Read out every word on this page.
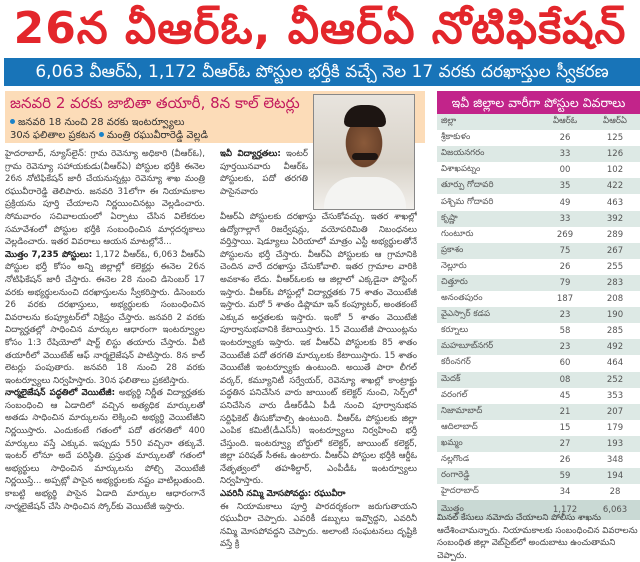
26న వీఆర్‌ఓ, వీఆర్‌ఏ నోటిఫికేషన్
6,063 వీఆర్‌ఏ, 1,172 వీఆర్‌ఓ పోస్టుల భర్తీకి వచ్చే నెల 17 వరకు దరఖాస్తుల స్వీకరణ
జనవరి 2 వరకు జాబితా తయారీ, 8న కాల్ లెటర్లు
జనవరి 18 నుంచి 28 వరకు ఇంటర్వ్యూలు
30న ఫలితాల ప్రకటన మంత్రి రఘువీరారెడ్డి వెల్లడి

హైదరాబాద్, న్యూస్‌లైన్: గ్రామ రెవెన్యూ అధికారి (వీఆర్‌ఓ), గ్రామ రెవెన్యూ సహాయకుడు(వీఆర్‌ఏ) పోస్టుల భర్తీకి ఈనెల 26న నోటిఫికేషన్ జారీ చేయనున్నట్లు రెవెన్యూ శాఖ మంత్రి రఘువీరారెడ్డి తెలిపారు. జనవరి 31లోగా ఈ నియామకాల ప్రక్రియను పూర్తి చేయాలని నిర్ణయించినట్లు వెల్లడించారు. సోమవారం సచివాలయంలో ఏర్పాటు చేసిన విలేకరుల సమావేశంలో పోస్టుల భర్తీకి సంబంధించిన మార్గదర్శకాలు వెల్లడించారు. ఇతర వివరాలు ఆయన మాటల్లోనే...

మొత్తం 7,235 పోస్టులు: 1,172 వీఆర్‌ఓ, 6,063 వీఆర్‌ఏ పోస్టుల భర్తీ కోసం అన్ని జిల్లాల్లో కలెక్టర్లు ఈనెల 26న నోటిఫికేషన్ జారీ చేస్తారు. ఈనెల 28 నుంచి డిసెంబర్ 17 వరకు అభ్యర్థులనుంచి దరఖాస్తులను స్వీకరిస్తారు. డిసెంబరు 26 వరకు దరఖాస్తులు, అభ్యర్థులకు సంబంధించిన వివరాలను కంప్యూటర్‌లో నిక్షిప్తం చేస్తారు. జనవరి 2 వరకు విద్యార్హతల్లో సాధించిన మార్కుల ఆధారంగా ఇంటర్వ్యూల కోసం 1:3 రేషియోలో షార్ట్ లిస్టు తయారు చేస్తారు. వీటి తయారీలో వెయిటేజ్ ఆఫ్ నార్మలైజేషన్ పాటిస్తారు. 8న కాల్ లెటర్లు పంపుతారు. జనవరి 18 నుంచి 28 వరకు ఇంటర్వ్యూలు నిర్వహిస్తారు. 30న ఫలితాలు ప్రకటిస్తారు.

నార్మలైజేషన్ పద్ధతిలో వెయిటేజీ: అభ్యర్థి నిర్ణీత విద్యార్హతకు సంబంధించి ఆ ఏడాదిలో వచ్చిన అత్యధిక మార్కులతో అతడు సాధించిన మార్కులను లెక్కించి అభ్యర్థి వెయిటేజీని నిర్ణయిస్తారు. ఎందుకంటే గతంలో పదో తరగతిలో 400 మార్కులు వస్తే ఎక్కువ. ఇప్పుడు 550 వచ్చినా తక్కువే. ఇంటర్ లోనూ అదే పరిస్థితి. ప్రస్తుత మార్కులతో గతంలో అభ్యర్థులు సాధించిన మార్కులను పోల్చి వెయిటేజీ నిర్ణయిస్తే... అప్పట్లో పాసైన అభ్యర్థులకు నష్టం వాటిల్లుతుంది. కాబట్టి అభ్యర్థి పాసైన ఏడాది మార్కుల ఆధారంగానే నార్మలైజేషన్ చేసి సాధించిన స్కోర్‌కు వెయిటేజీ ఇస్తారు.

ఇవీ విద్యార్హతలు: ఇంటర్ పూర్తయినవారు వీఆర్‌ఓ పోస్టులకు, పదో తరగతి పాసైనవారు

వీఆర్‌ఏ పోస్టులకు దరఖాస్తు చేసుకోవచ్చు. ఇతర శాఖల్లో ఉద్యోగాల్లాగే రిజర్వేషన్లు, వయోపరిమితి నిబంధనలు వర్తిస్తాయి. షెడ్యూలు ఏరియాలో మాత్రం ఎస్టీ అభ్యర్థులతోనే పోస్టులను భర్తీ చేస్తారు. వీఆర్‌ఏ పోస్టులకు ఆ గ్రామానికి చెందిన వారే దరఖాస్తు చేసుకోవాలి. ఇతర గ్రామాల వారికి అవకాశం లేదు. వీఆర్‌ఓలకు ఆ జిల్లాలో ఎక్కడైనా పోస్టింగ్ ఇస్తారు. వీఆర్‌ఓ పోస్టుల్లో విద్యార్హతకు 75 శాతం వెయిటేజీ ఇస్తారు. మరో 5 శాతం డిప్లొమా ఇన్ కంప్యూటర్, అంతకంటే ఎక్కువ అర్హతలకు ఇస్తారు. ఇంకో 5 శాతం వెయిటేజీ పూర్వానుభవానికి కేటాయిస్తారు. 15 వెయిటేజీ పాయింట్లను ఇంటర్వ్యూకు ఇస్తారు. ఇక వీఆర్‌ఏ పోస్టులకు 85 శాతం వెయిటేజీ పదో తరగతి మార్కులకు కేటాయిస్తారు. 15 శాతం వెయిటేజీ ఇంటర్వ్యూకు ఉంటుంది. అయితే పారా లీగల్ వర్కర్, కమ్యూనిటీ సర్వేయర్, రెవెన్యూ శాఖల్లో కాంట్రాక్టు పద్ధతిన పనిచేసిన వారు జాయింట్ కలెక్టర్ నుంచి, సెర్ప్‌లో పనిచేసిన వారు డీఆర్‌డీఏ పీడీ నుంచి పూర్వానుభవ సర్టిఫికెట్ తీసుకోవాల్సి ఉంటుంది. వీఆర్‌ఓ పోస్టులకు జిల్లా ఎంపిక కమిటీ(డీఎస్‌సీ) ఇంటర్వ్యూలు నిర్వహించి భర్తీ చేస్తుంది. ఇంటర్వ్యూ బోర్డులో కలెక్టర్, జాయింట్ కలెక్టర్, జిల్లా పరిషత్ సీఈఓ ఉంటారు. వీఆర్‌ఏ పోస్టుల భర్తీకి ఆర్డీఓ నేతృత్వంలో తహశీల్దార్, ఎంపీడీఓ ఇంటర్వ్యూలు నిర్వహిస్తారు.

ఎవరినీ నమ్మి మోసపోవద్దు: రఘువీరా

ఈ నియామకాలు పూర్తి పారదర్శకంగా జరుగుతాయని రఘువీరా చెప్పారు. ఎవరికీ డబ్బులు ఇవ్వొద్దని, ఎవరినీ నమ్మి మోసపోవద్దని చెప్పారు. అలాంటి సంఘటనలు దృష్టికి వస్తే క్రి

ఇవీ జిల్లాల వారీగా పోస్టుల వివరాలు
జిల్లా	వీఆర్‌ఓ	వీఆర్‌ఏ
శ్రీకాకుళం	26	125
విజయనగరం	33	126
విశాఖపట్నం	00	102
తూర్పు గోదావరి	35	422
పశ్చిమ గోదావరి	49	463
కృష్ణా	33	392
గుంటూరు	269	289
ప్రకాశం	75	267
నెల్లూరు	26	255
చిత్తూరు	79	283
అనంతపురం	187	208
వైఎస్సార్ కడప	23	190
కర్నూలు	58	285
మహబూబ్‌నగర్	23	492
కరీంనగర్	60	464
మెదక్	08	252
వరంగల్	45	353
నిజామాబాద్	21	207
ఆదిలాబాద్	15	179
ఖమ్మం	27	193
నల్లగొండ	26	348
రంగారెడ్డి	59	194
హైదరాబాద్	34	28
మొత్తం	1,172	6,063
మినల్ కేసులు నమోదు చేయాలని పోలీసు శాఖను ఆదేశించామన్నారు. నియామకాలకు సంబంధించిన వివరాలను సంబంధిత జిల్లా వెబ్‌సైట్‌లో అందుబాటు ఉంచుతామని చెప్పారు.
